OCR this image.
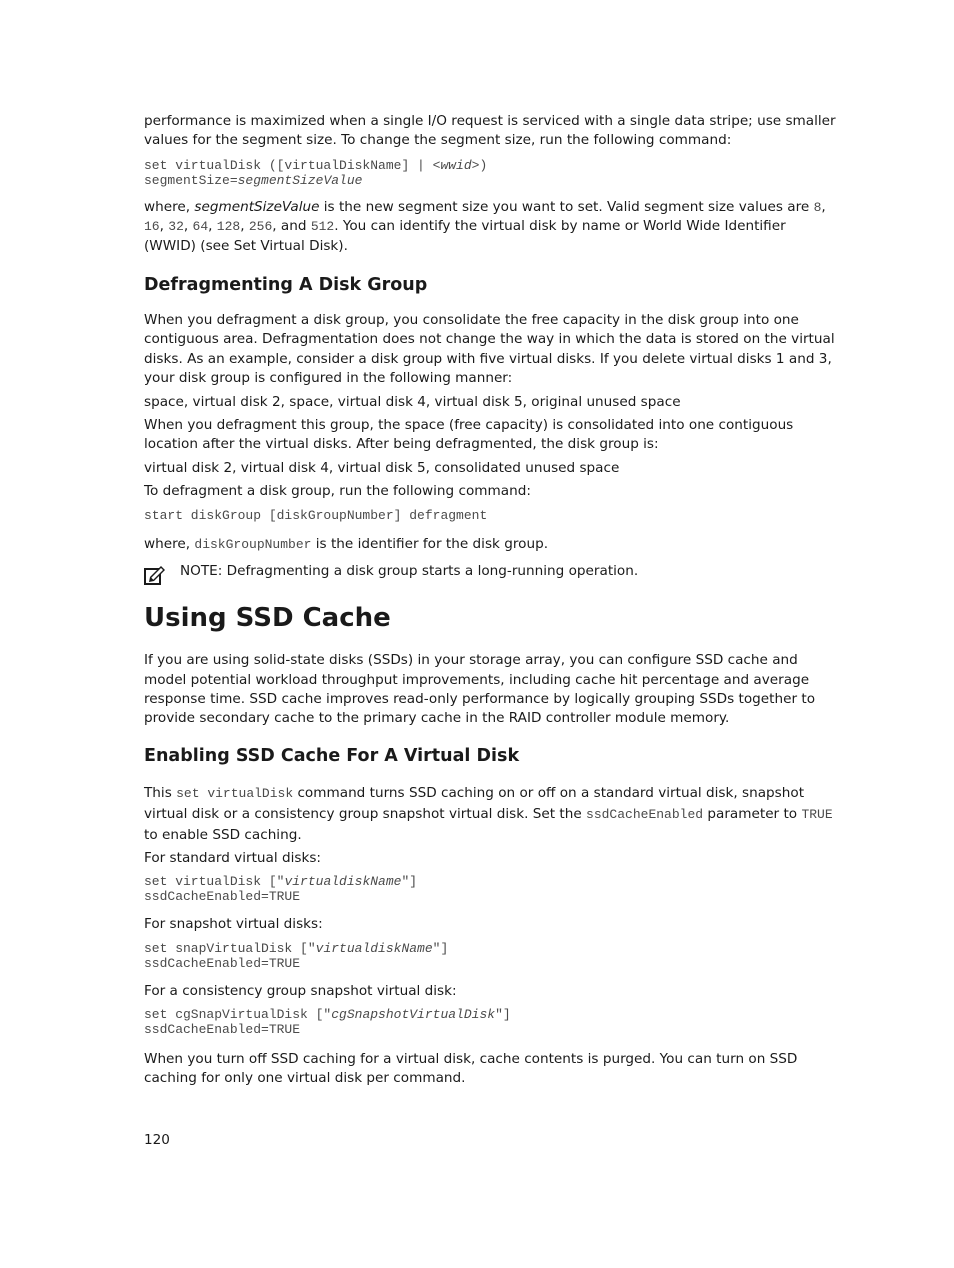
performance is maximized when a single I/O request is serviced with a single data stripe; use smaller values for the segment size. To change the segment size, run the following command:

set virtualDisk ([virtualDiskName] | <wwid>)
segmentSize=segmentSizeValue

where, segmentSizeValue is the new segment size you want to set. Valid segment size values are 8, 16, 32, 64, 128, 256, and 512. You can identify the virtual disk by name or World Wide Identifier (WWID) (see Set Virtual Disk).

Defragmenting A Disk Group

When you defragment a disk group, you consolidate the free capacity in the disk group into one contiguous area. Defragmentation does not change the way in which the data is stored on the virtual disks. As an example, consider a disk group with five virtual disks. If you delete virtual disks 1 and 3, your disk group is configured in the following manner:

space, virtual disk 2, space, virtual disk 4, virtual disk 5, original unused space

When you defragment this group, the space (free capacity) is consolidated into one contiguous location after the virtual disks. After being defragmented, the disk group is:

virtual disk 2, virtual disk 4, virtual disk 5, consolidated unused space

To defragment a disk group, run the following command:

start diskGroup [diskGroupNumber] defragment

where, diskGroupNumber is the identifier for the disk group.

NOTE: Defragmenting a disk group starts a long-running operation.

Using SSD Cache

If you are using solid-state disks (SSDs) in your storage array, you can configure SSD cache and model potential workload throughput improvements, including cache hit percentage and average response time. SSD cache improves read-only performance by logically grouping SSDs together to provide secondary cache to the primary cache in the RAID controller module memory.

Enabling SSD Cache For A Virtual Disk

This set virtualDisk command turns SSD caching on or off on a standard virtual disk, snapshot virtual disk or a consistency group snapshot virtual disk. Set the ssdCacheEnabled parameter to TRUE to enable SSD caching.

For standard virtual disks:

set virtualDisk ["virtualdiskName"]
ssdCacheEnabled=TRUE

For snapshot virtual disks:

set snapVirtualDisk ["virtualdiskName"]
ssdCacheEnabled=TRUE

For a consistency group snapshot virtual disk:

set cgSnapVirtualDisk ["cgSnapshotVirtualDisk"]
ssdCacheEnabled=TRUE

When you turn off SSD caching for a virtual disk, cache contents is purged. You can turn on SSD caching for only one virtual disk per command.

120
